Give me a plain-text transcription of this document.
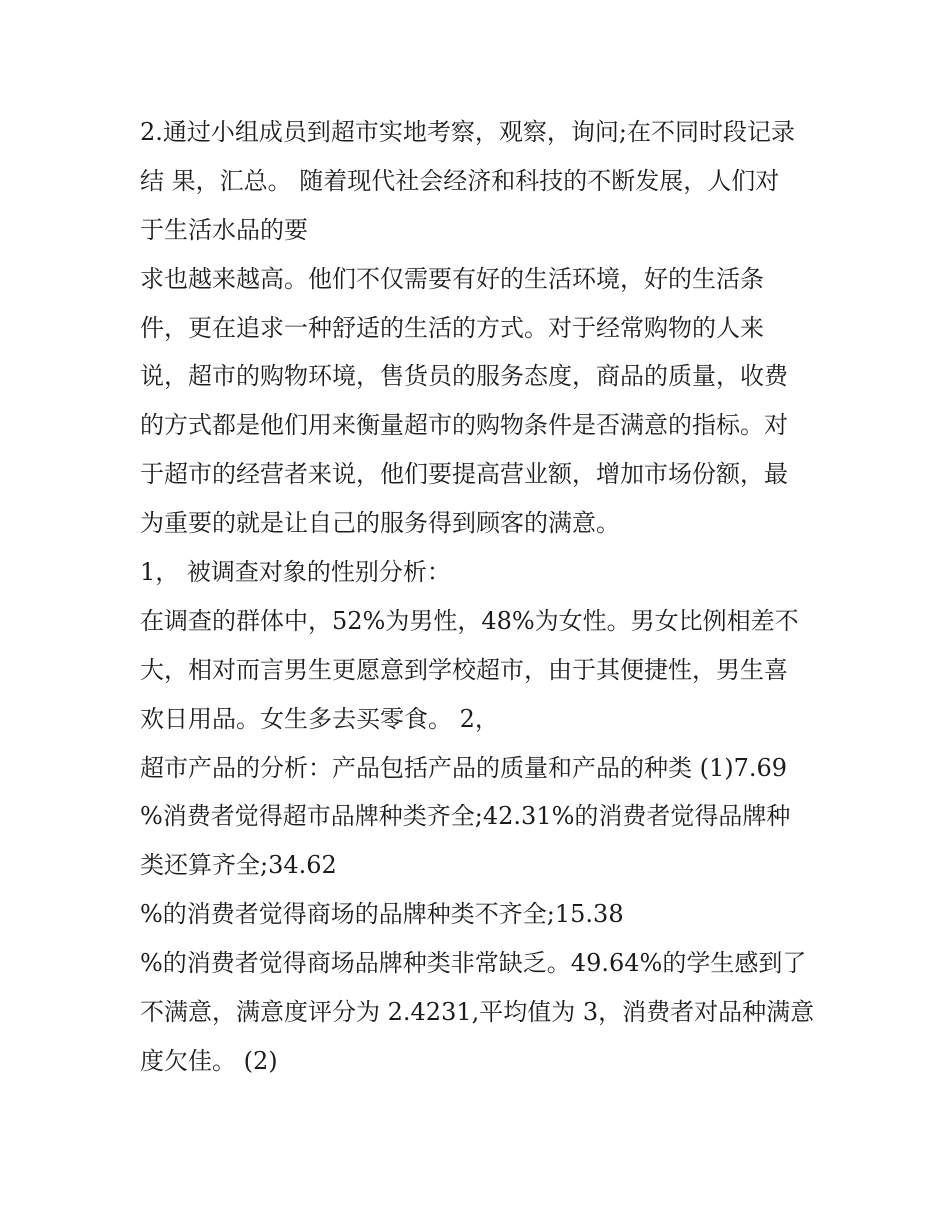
2.通过小组成员到超市实地考察，观察，询问;在不同时段记录
结 果，汇总。 随着现代社会经济和科技的不断发展，人们对
于生活水品的要
求也越来越高。他们不仅需要有好的生活环境，好的生活条
件，更在追求一种舒适的生活的方式。对于经常购物的人来
说，超市的购物环境，售货员的服务态度，商品的质量，收费
的方式都是他们用来衡量超市的购物条件是否满意的指标。对
于超市的经营者来说，他们要提高营业额，增加市场份额，最
为重要的就是让自己的服务得到顾客的满意。
1， 被调查对象的性别分析：
在调查的群体中，52%为男性，48%为女性。男女比例相差不
大，相对而言男生更愿意到学校超市，由于其便捷性，男生喜
欢日用品。女生多去买零食。 2，
超市产品的分析：产品包括产品的质量和产品的种类 (1)7.69
%消费者觉得超市品牌种类齐全;42.31%的消费者觉得品牌种
类还算齐全;34.62
%的消费者觉得商场的品牌种类不齐全;15.38
%的消费者觉得商场品牌种类非常缺乏。49.64%的学生感到了
不满意，满意度评分为 2.4231,平均值为 3，消费者对品种满意
度欠佳。 (2)
